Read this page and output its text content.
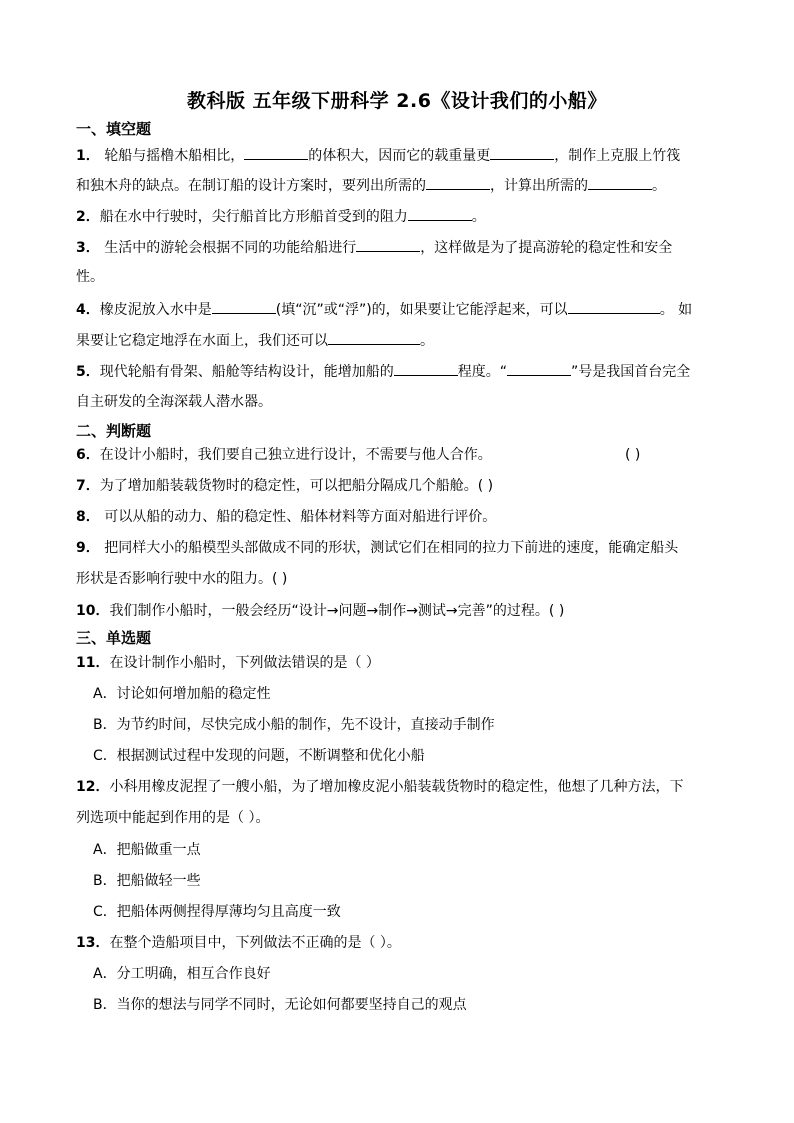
教科版 五年级下册科学 2.6《设计我们的小船》
一、填空题
1． 轮船与摇橹木船相比，	的体积大，因而它的载重量更	，制作上克服上竹筏
和独木舟的缺点。在制订船的设计方案时，要列出所需的	，计算出所需的	。
2．船在水中行驶时，尖行船首比方形船首受到的阻力	。
3． 生活中的游轮会根据不同的功能给船进行	，这样做是为了提高游轮的稳定性和安全
性。
4．橡皮泥放入水中是	(填“沉”或“浮”)的，如果要让它能浮起来，可以	。 如
果要让它稳定地浮在水面上，我们还可以	。
5．现代轮船有骨架、船舱等结构设计，能增加船的	程度。“	”号是我国首台完全
自主研发的全海深载人潜水器。
二、判断题
6．在设计小船时，我们要自己独立进行设计，不需要与他人合作。	( )
7．为了增加船装载货物时的稳定性，可以把船分隔成几个船舱。( )
8． 可以从船的动力、船的稳定性、船体材料等方面对船进行评价。
9． 把同样大小的船模型头部做成不同的形状，测试它们在相同的拉力下前进的速度，能确定船头
形状是否影响行驶中水的阻力。( )
10．我们制作小船时，一般会经历“设计→问题→制作→测试→完善”的过程。( )
三、单选题
11．在设计制作小船时，下列做法错误的是（ ）
A．讨论如何增加船的稳定性
B．为节约时间，尽快完成小船的制作，先不设计，直接动手制作
C．根据测试过程中发现的问题，不断调整和优化小船
12．小科用橡皮泥捏了一艘小船，为了增加橡皮泥小船装载货物时的稳定性，他想了几种方法，下
列选项中能起到作用的是（ ）。
A．把船做重一点
B．把船做轻一些
C．把船体两侧捏得厚薄均匀且高度一致
13．在整个造船项目中，下列做法不正确的是（ ）。
A．分工明确，相互合作良好
B．当你的想法与同学不同时，无论如何都要坚持自己的观点
